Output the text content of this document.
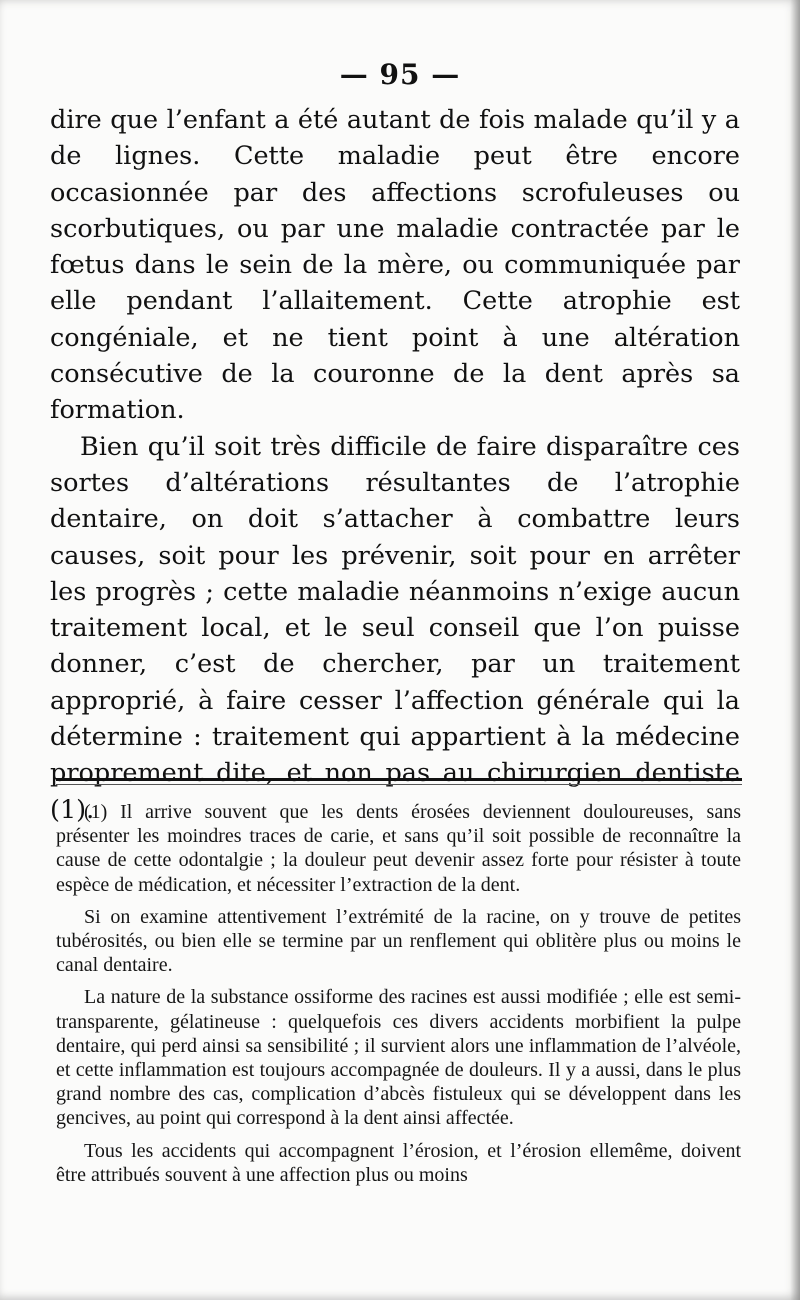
— 95 —

dire que l’enfant a été autant de fois malade qu’il y a de lignes. Cette maladie peut être encore occasionnée par des affections scrofuleuses ou scorbutiques, ou par une maladie contractée par le fœtus dans le sein de la mère, ou communiquée par elle pendant l’allaitement. Cette atrophie est congéniale, et ne tient point à une altération consécutive de la couronne de la dent après sa formation.

Bien qu’il soit très difficile de faire disparaître ces sortes d’altérations résultantes de l’atrophie dentaire, on doit s’attacher à combattre leurs causes, soit pour les prévenir, soit pour en arrêter les progrès ; cette maladie néanmoins n’exige aucun traitement local, et le seul conseil que l’on puisse donner, c’est de chercher, par un traitement approprié, à faire cesser l’affection générale qui la détermine : traitement qui appartient à la médecine proprement dite, et non pas au chirurgien dentiste (1).

(1) Il arrive souvent que les dents érosées deviennent douloureuses, sans présenter les moindres traces de carie, et sans qu’il soit possible de reconnaître la cause de cette odontalgie ; la douleur peut devenir assez forte pour résister à toute espèce de médication, et nécessiter l’extraction de la dent.

Si on examine attentivement l’extrémité de la racine, on y trouve de petites tubérosités, ou bien elle se termine par un renflement qui oblitère plus ou moins le canal dentaire.

La nature de la substance ossiforme des racines est aussi modifiée ; elle est semi-transparente, gélatineuse : quelquefois ces divers accidents morbifient la pulpe dentaire, qui perd ainsi sa sensibilité ; il survient alors une inflammation de l’alvéole, et cette inflammation est toujours accompagnée de douleurs. Il y a aussi, dans le plus grand nombre des cas, complication d’abcès fistuleux qui se développent dans les gencives, au point qui correspond à la dent ainsi affectée.

Tous les accidents qui accompagnent l’érosion, et l’érosion ellemême, doivent être attribués souvent à une affection plus ou moins
